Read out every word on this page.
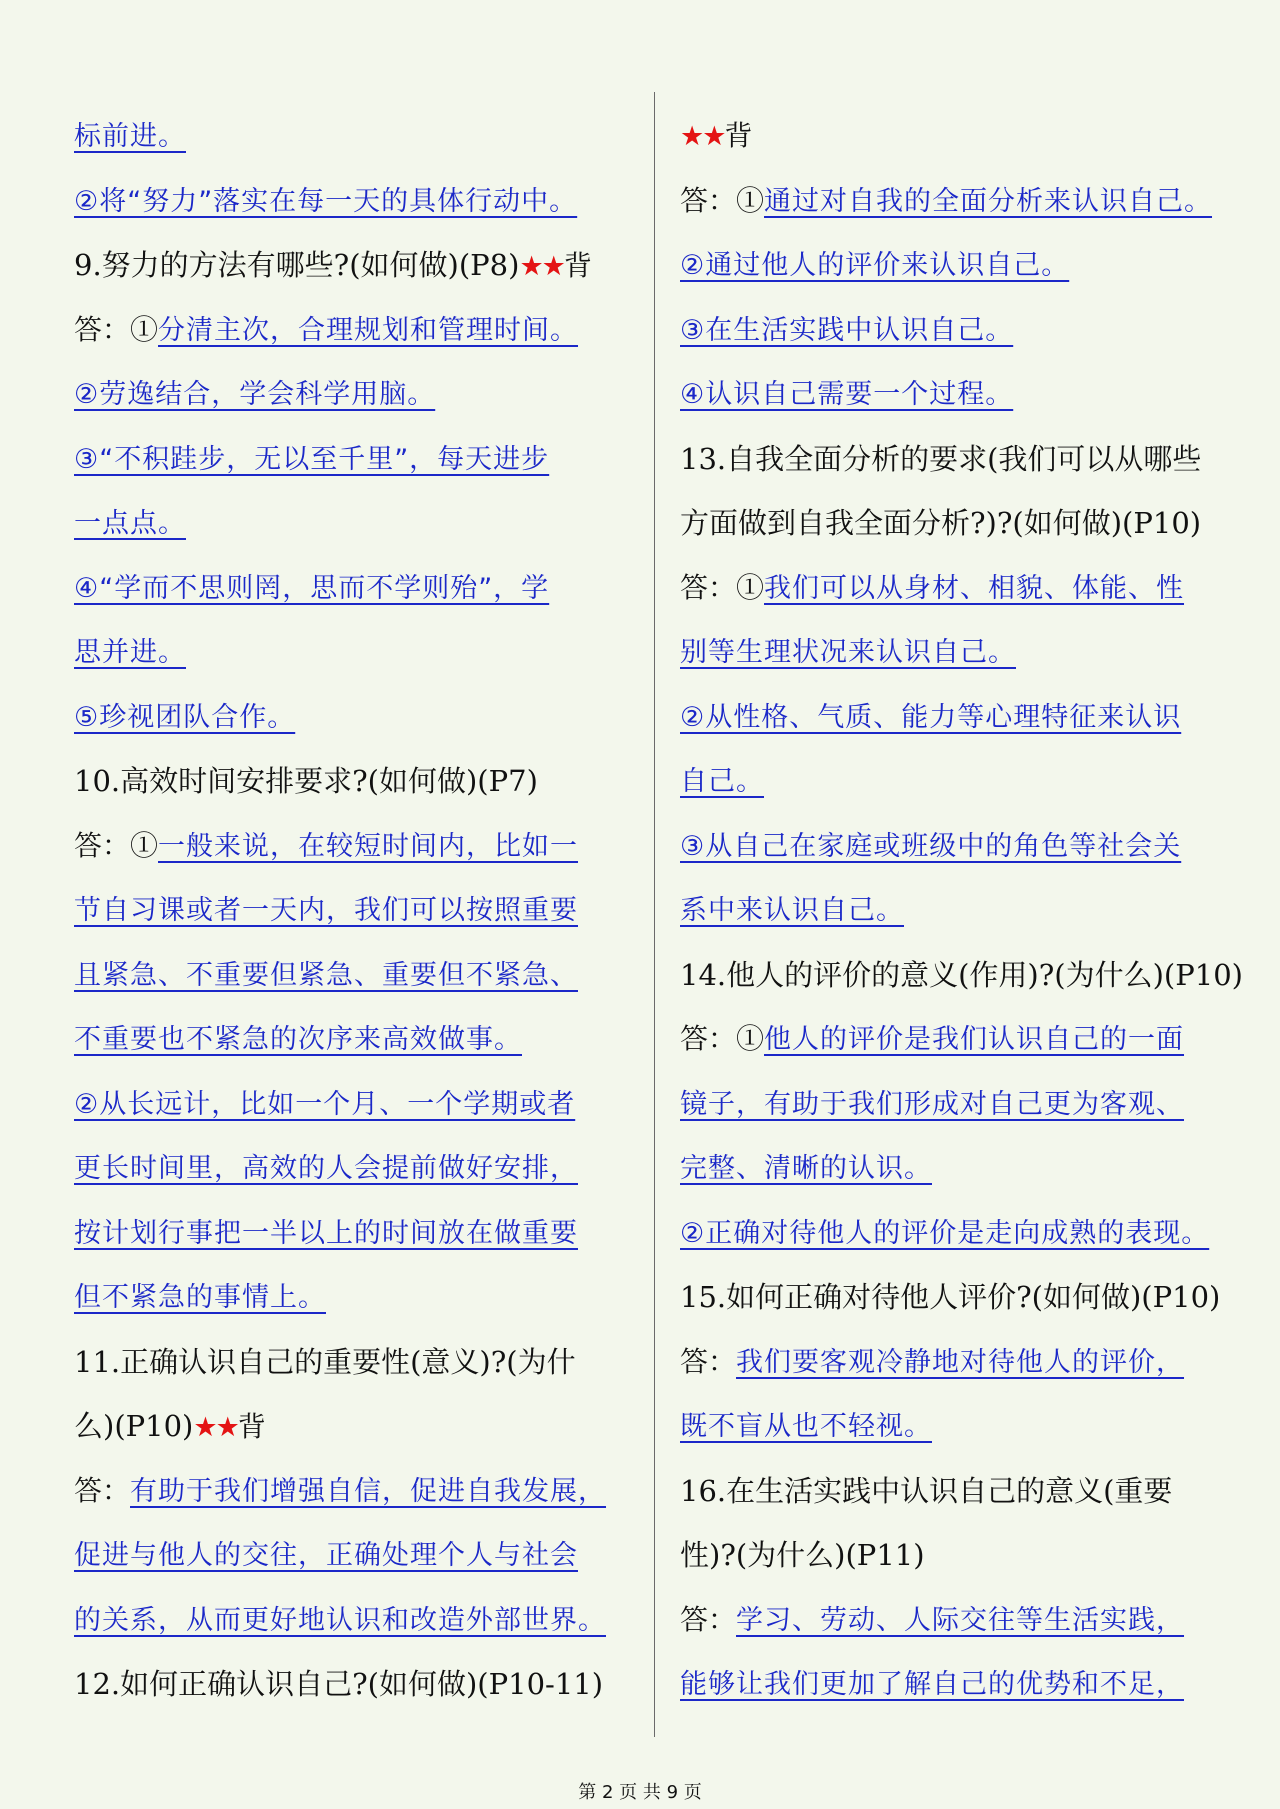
标前进。
②将“努力”落实在每一天的具体行动中。
9.努力的方法有哪些?(如何做)(P8)★★背
答：①分清主次，合理规划和管理时间。
②劳逸结合，学会科学用脑。
③“不积跬步，无以至千里”，每天进步
一点点。
④“学而不思则罔，思而不学则殆”，学
思并进。
⑤珍视团队合作。
10.高效时间安排要求?(如何做)(P7)
答：①一般来说，在较短时间内，比如一
节自习课或者一天内，我们可以按照重要
且紧急、不重要但紧急、重要但不紧急、
不重要也不紧急的次序来高效做事。
②从长远计，比如一个月、一个学期或者
更长时间里，高效的人会提前做好安排，
按计划行事把一半以上的时间放在做重要
但不紧急的事情上。
11.正确认识自己的重要性(意义)?(为什
么)(P10)★★背
答：有助于我们增强自信，促进自我发展，
促进与他人的交往，正确处理个人与社会
的关系，从而更好地认识和改造外部世界。
12.如何正确认识自己?(如何做)(P10-11)
★★背
答：①通过对自我的全面分析来认识自己。
②通过他人的评价来认识自己。
③在生活实践中认识自己。
④认识自己需要一个过程。
13.自我全面分析的要求(我们可以从哪些
方面做到自我全面分析?)?(如何做)(P10)
答：①我们可以从身材、相貌、体能、性
别等生理状况来认识自己。
②从性格、气质、能力等心理特征来认识
自己。
③从自己在家庭或班级中的角色等社会关
系中来认识自己。
14.他人的评价的意义(作用)?(为什么)(P10)
答：①他人的评价是我们认识自己的一面
镜子，有助于我们形成对自己更为客观、
完整、清晰的认识。
②正确对待他人的评价是走向成熟的表现。
15.如何正确对待他人评价?(如何做)(P10)
答：我们要客观冷静地对待他人的评价，
既不盲从也不轻视。
16.在生活实践中认识自己的意义(重要
性)?(为什么)(P11)
答：学习、劳动、人际交往等生活实践，
能够让我们更加了解自己的优势和不足，
第 2 页 共 9 页
